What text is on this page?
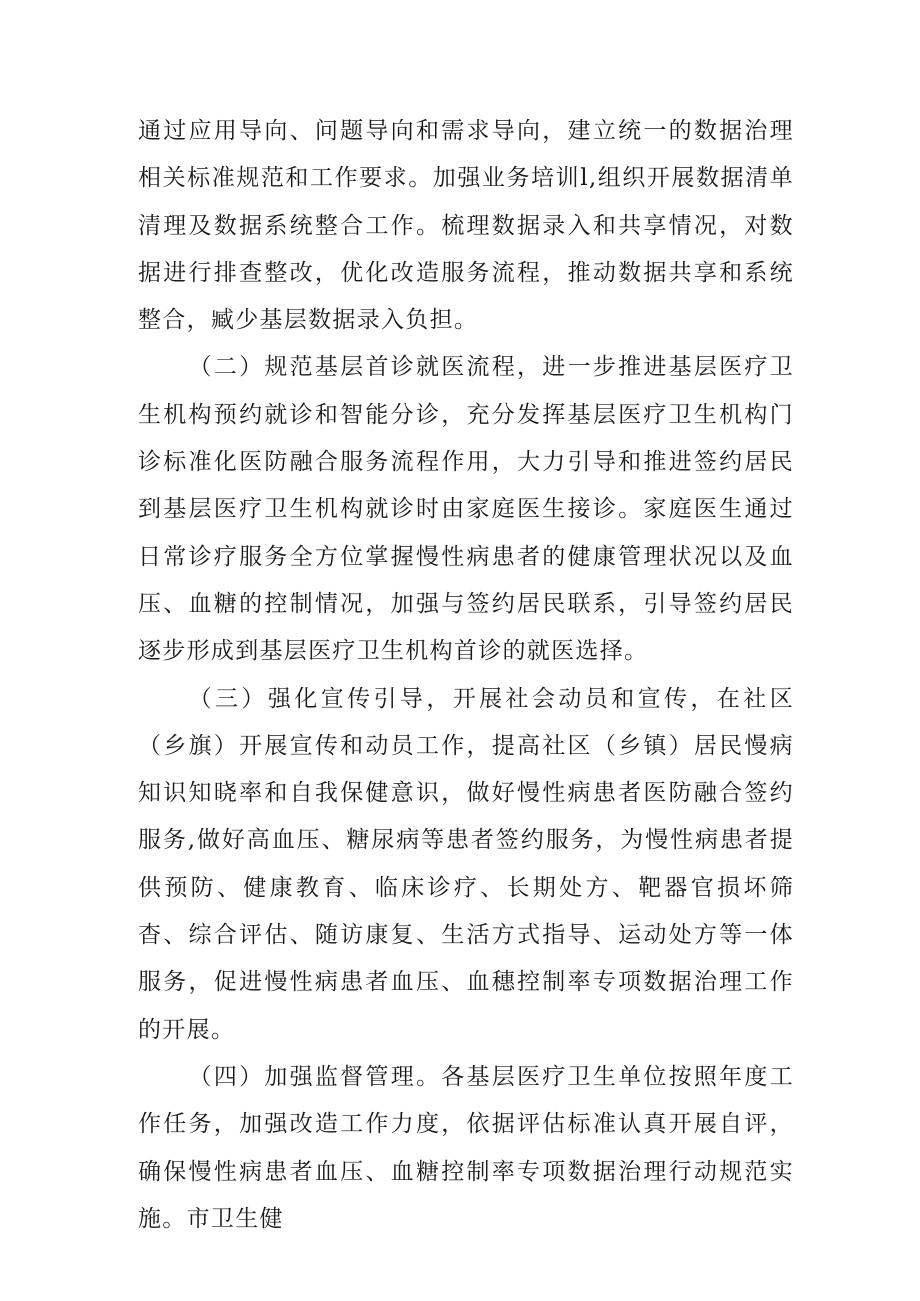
通过应用导向、问题导向和需求导向，建立统一的数据治理相关标准规范和工作要求。加强业务培训l,组织开展数据清单清理及数据系统整合工作。梳理数据录入和共享情况，对数据进行排查整改，优化改造服务流程，推动数据共享和系统整合，臧少基层数据录入负担。

（二）规范基层首诊就医流程，进一步推进基层医疗卫生机构预约就诊和智能分诊，充分发挥基层医疗卫生机构门诊标准化医防融合服务流程作用，大力引导和推进签约居民到基层医疗卫生机构就诊时由家庭医生接诊。家庭医生通过日常诊疗服务全方位掌握慢性病患者的健康管理状况以及血压、血糖的控制情况，加强与签约居民联系，引导签约居民逐步形成到基层医疗卫生机构首诊的就医选择。

（三）强化宣传引导，开展社会动员和宣传，在社区（乡旗）开展宣传和动员工作，提高社区（乡镇）居民慢病知识知晓率和自我保健意识，做好慢性病患者医防融合签约服务,做好高血压、糖尿病等患者签约服务，为慢性病患者提供预防、健康教育、临床诊疗、长期处方、靶器官损坏筛杳、综合评估、随访康复、生活方式指导、运动处方等一体服务，促进慢性病患者血压、血穗控制率专项数据治理工作的开展。

（四）加强监督管理。各基层医疗卫生单位按照年度工作任务，加强改造工作力度，依据评估标准认真开展自评，确保慢性病患者血压、血糖控制率专项数据治理行动规范实施。市卫生健
